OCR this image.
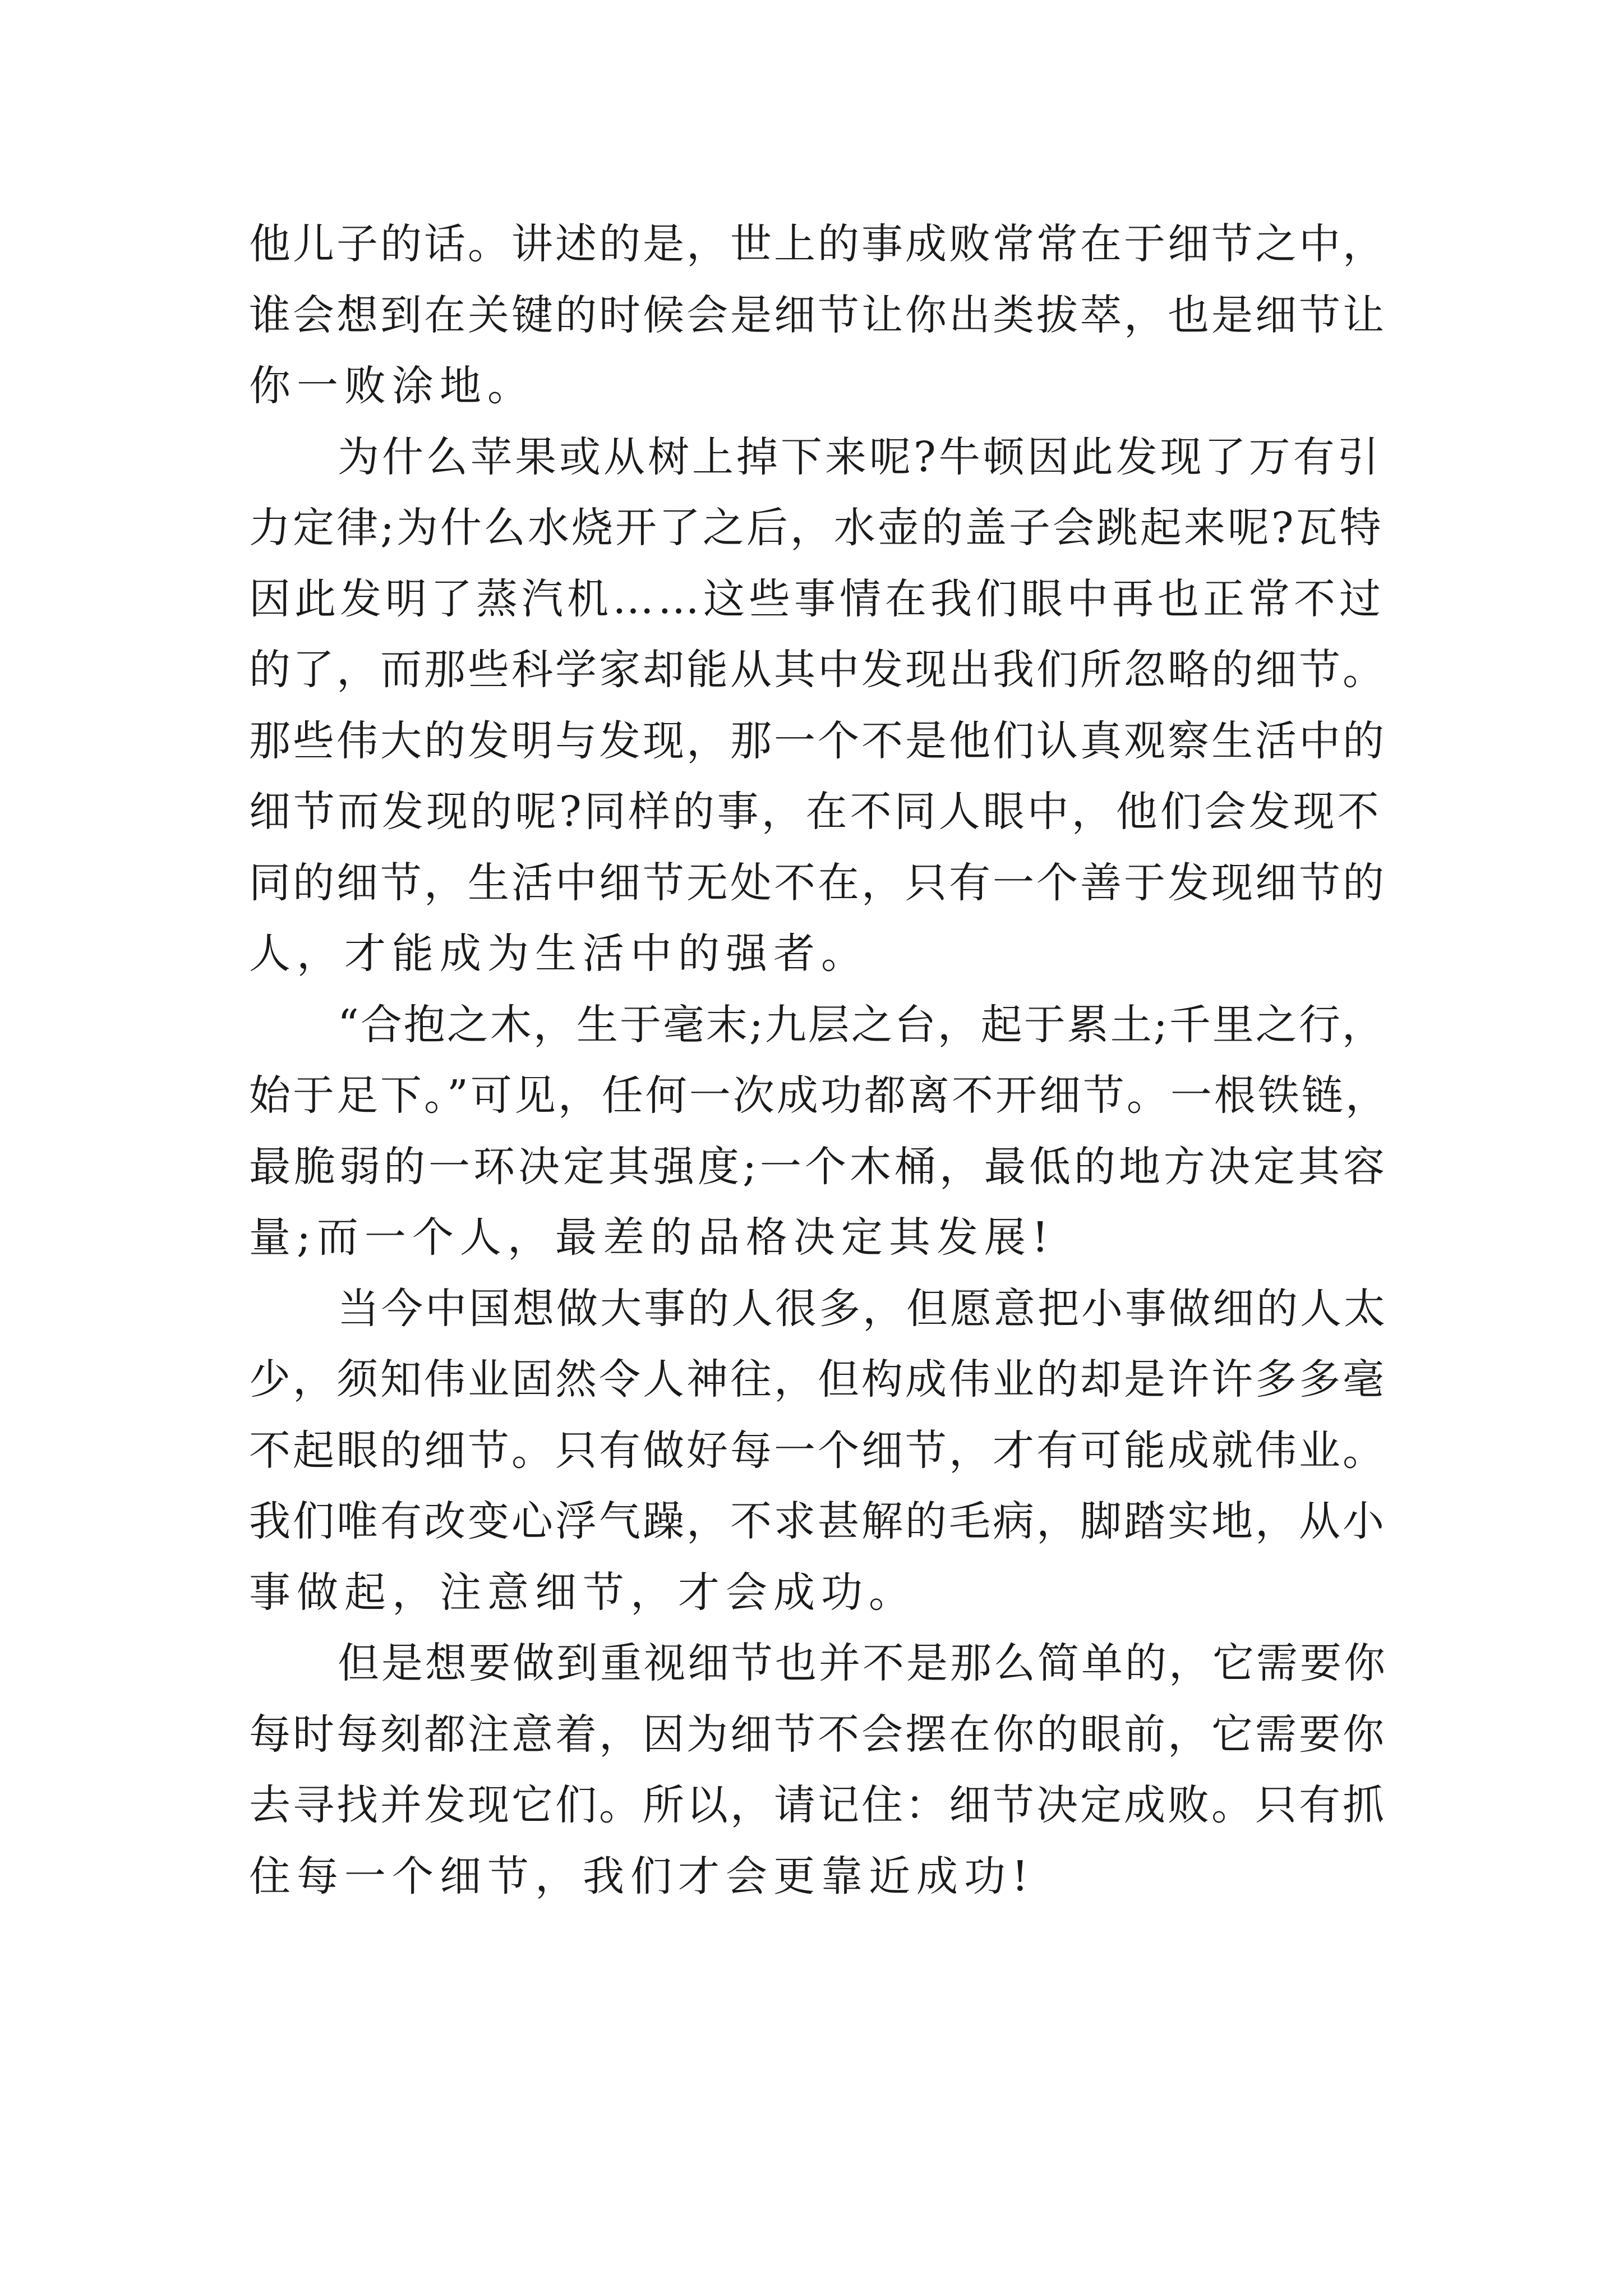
他儿子的话。讲述的是，世上的事成败常常在于细节之中，
谁会想到在关键的时候会是细节让你出类拔萃，也是细节让
你一败涂地。
为什么苹果或从树上掉下来呢?牛顿因此发现了万有引
力定律;为什么水烧开了之后，水壶的盖子会跳起来呢?瓦特
因此发明了蒸汽机……这些事情在我们眼中再也正常不过
的了，而那些科学家却能从其中发现出我们所忽略的细节。
那些伟大的发明与发现，那一个不是他们认真观察生活中的
细节而发现的呢?同样的事，在不同人眼中，他们会发现不
同的细节，生活中细节无处不在，只有一个善于发现细节的
人，才能成为生活中的强者。
“合抱之木，生于毫末;九层之台，起于累土;千里之行，
始于足下。”可见，任何一次成功都离不开细节。一根铁链，
最脆弱的一环决定其强度;一个木桶，最低的地方决定其容
量;而一个人，最差的品格决定其发展!
当今中国想做大事的人很多，但愿意把小事做细的人太
少，须知伟业固然令人神往，但构成伟业的却是许许多多毫
不起眼的细节。只有做好每一个细节，才有可能成就伟业。
我们唯有改变心浮气躁，不求甚解的毛病，脚踏实地，从小
事做起，注意细节，才会成功。
但是想要做到重视细节也并不是那么简单的，它需要你
每时每刻都注意着，因为细节不会摆在你的眼前，它需要你
去寻找并发现它们。所以，请记住：细节决定成败。只有抓
住每一个细节，我们才会更靠近成功!
